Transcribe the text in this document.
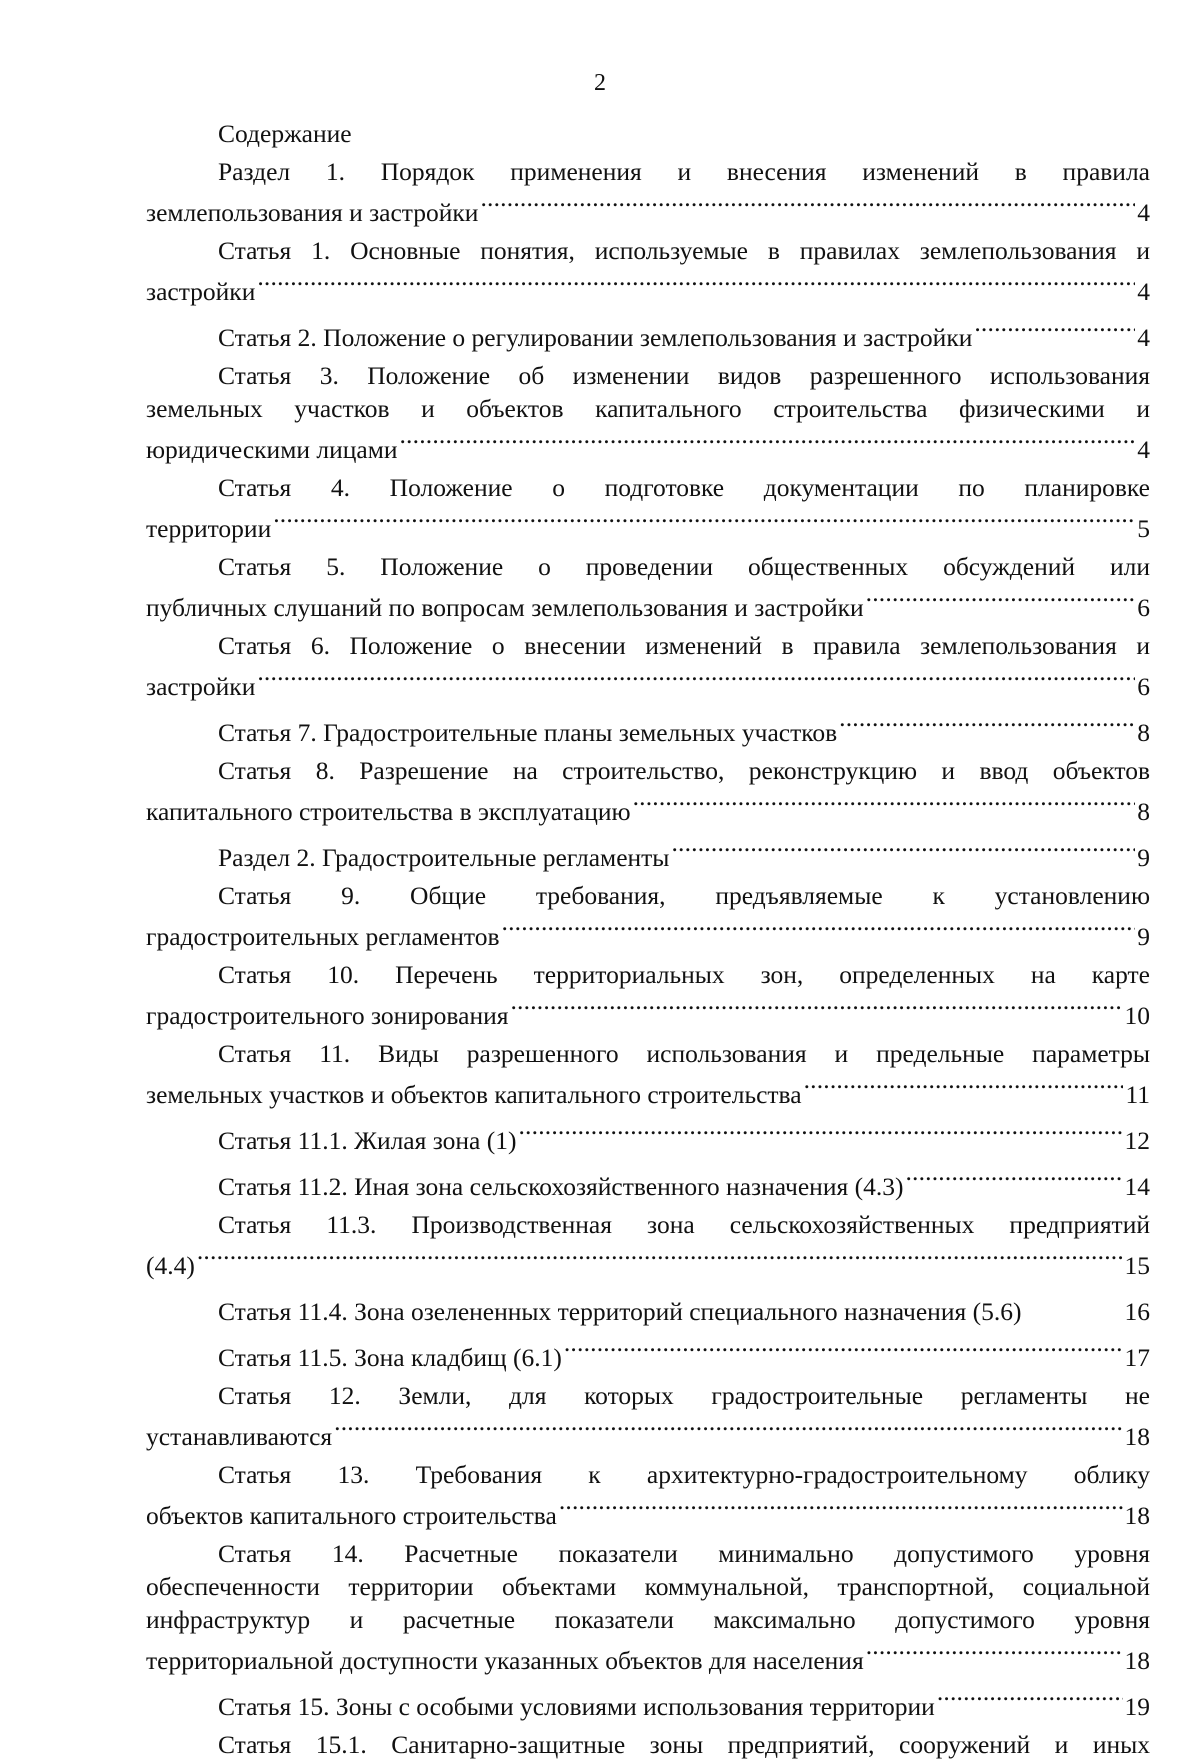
2
Содержание
Раздел 1. Порядок применения и внесения изменений в правила
землепользования и застройки .....	4
Статья 1. Основные понятия, используемые в правилах землепользования и
застройки .....	4
Статья 2. Положение о регулировании землепользования и застройки .....	4
Статья 3. Положение об изменении видов разрешенного использования
земельных участков и объектов капитального строительства физическими и
юридическими лицами .....	4
Статья 4. Положение о подготовке документации по планировке
территории .....	5
Статья 5. Положение о проведении общественных обсуждений или
публичных слушаний по вопросам землепользования и застройки .....	6
Статья 6. Положение о внесении изменений в правила землепользования и
застройки .....	6
Статья 7. Градостроительные планы земельных участков .....	8
Статья 8. Разрешение на строительство, реконструкцию и ввод объектов
капитального строительства в эксплуатацию .....	8
Раздел 2. Градостроительные регламенты .....	9
Статья 9. Общие требования, предъявляемые к установлению
градостроительных регламентов .....	9
Статья 10. Перечень территориальных зон, определенных на карте
градостроительного зонирования .....	10
Статья 11. Виды разрешенного использования и предельные параметры
земельных участков и объектов капитального строительства .....	11
Статья 11.1. Жилая зона (1) .....	12
Статья 11.2. Иная зона сельскохозяйственного назначения (4.3) .....	14
Статья 11.3. Производственная зона сельскохозяйственных предприятий
(4.4) .....	15
Статья 11.4. Зона озелененных территорий специального назначения (5.6)	16
Статья 11.5. Зона кладбищ (6.1) .....	17
Статья 12. Земли, для которых градостроительные регламенты не
устанавливаются .....	18
Статья 13. Требования к архитектурно-градостроительному облику
объектов капитального строительства .....	18
Статья 14. Расчетные показатели минимально допустимого уровня
обеспеченности территории объектами коммунальной, транспортной, социальной
инфраструктур и расчетные показатели максимально допустимого уровня
территориальной доступности указанных объектов для населения .....	18
Статья 15. Зоны с особыми условиями использования территории .....	19
Статья 15.1. Санитарно-защитные зоны предприятий, сооружений и иных
